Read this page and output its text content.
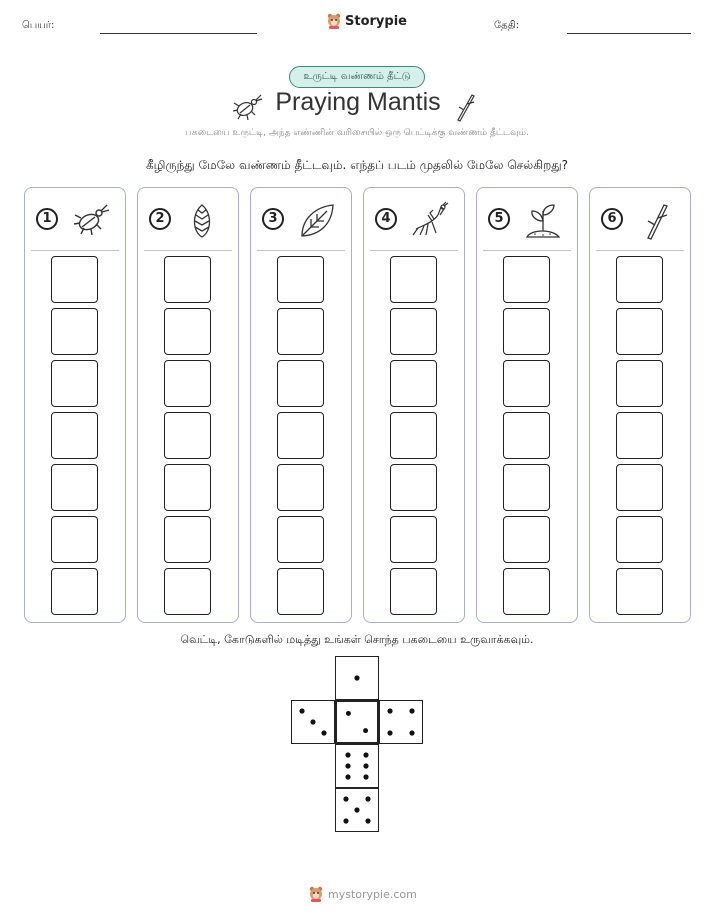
பெயர்:	Storypie	தேதி:
உருட்டி வண்ணம் தீட்டு
Praying Mantis
பகடையை உருட்டி, அந்த எண்ணின் வரிசையில் ஒரு பெட்டிக்கு வண்ணம் தீட்டவும்.
கீழிருந்து மேலே வண்ணம் தீட்டவும். எந்தப் படம் முதலில் மேலே செல்கிறது?
1	2	3	4	5	6
வெட்டி, கோடுகளில் மடித்து உங்கள் சொந்த பகடையை உருவாக்கவும்.
mystorypie.com
